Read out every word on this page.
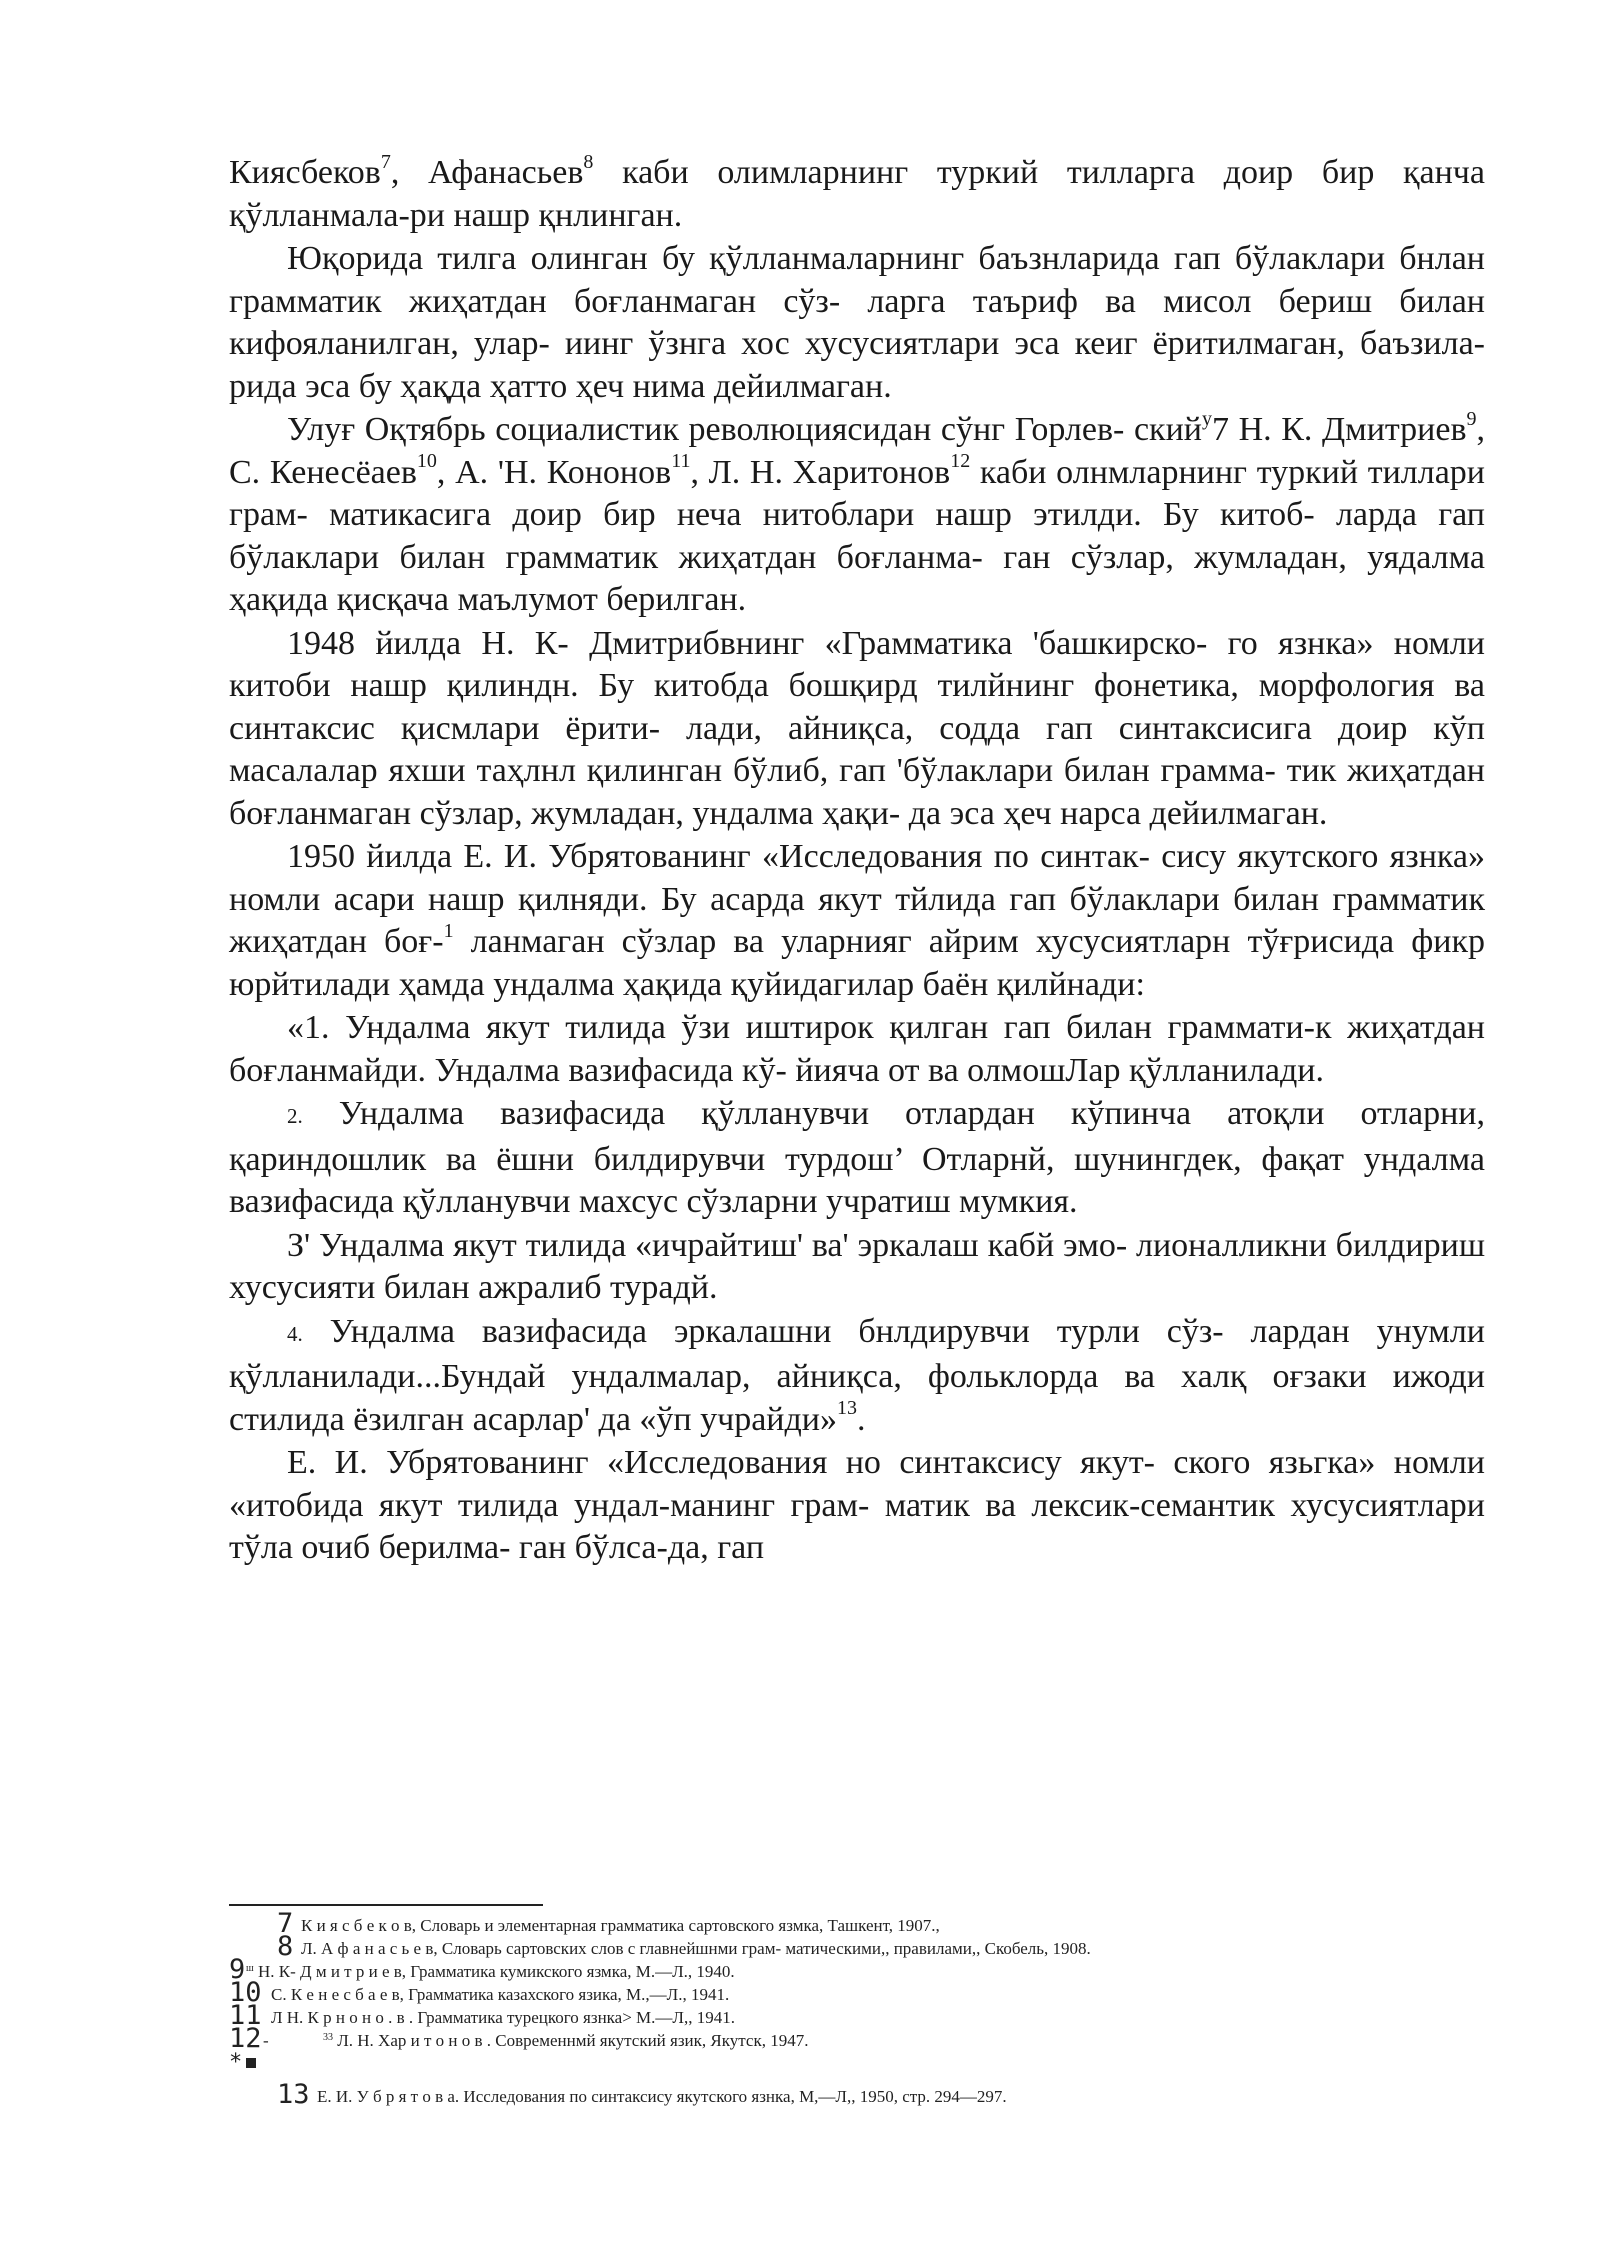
Киясбеков$^7$, Афанасьев$^8$ каби олимларнинг туркий тилларга доир бир қанча қўлланмала-ри нашр қнлинган.

Юқорида тилга олинган бу қўлланмаларнинг баъзнларида гап бўлаклари бнлан грамматик жиҳатдан боғланмаган сўз- ларга таъриф ва мисол бериш билан кифояланилган, улар- иинг ўзнга хос хусусиятлари эса кеиг ёритилмаган, баъзила- рида эса бу ҳақда ҳатто ҳеч нима дейилмаган.

Улуғ Оқтябрь социалистик революциясидан сўнг Горлев- ский$^у$7 Н. К. Дмитриев$^9$, С. Кенесёаев$^{10}$, А. 'Н. Кононов$^{11}$, Л. Н. Харитонов$^{12}$ каби олнмларнинг туркий тиллари грам- матикасига доир бир неча нитоблари нашр этилди. Бу китоб- ларда гап бўлаклари билан грамматик жиҳатдан боғланма- ган сўзлар, жумладан, уядалма ҳақида қисқача маълумот берилган.

1948 йилда Н. К- Дмитрибвнинг «Грамматика 'башкирско- го язнка» номли китоби нашр қилиндн. Бу китобда бошқирд тилйнинг фонетика, морфология ва синтаксис қисмлари ёрити- лади, айниқса, содда гап синтаксисига доир кўп масалалар яхши таҳлнл қилинган бўлиб, гап 'бўлаклари билан грамма- тик жиҳатдан боғланмаган сўзлар, жумладан, ундалма ҳақи- да эса ҳеч нарса дейилмаган.

1950 йилда Е. И. Убрятованинг «Исследования по синтак- сису якутского язнка» номли асари нашр қилняди. Бу асарда якут тйлида гап бўлаклари билан грамматик жиҳатдан боғ-$^1$ ланмаган сўзлар ва уларнияг айрим хусусиятларн тўғрисида фикр юрйтилади ҳамда ундалма ҳақида қуйидагилар баён қилйнади:

«1. Ундалма якут тилида ўзи иштирок қилган гап билан граммати-к жиҳатдан боғланмайди. Ундалма вазифасида кў- йияча от ва олмошЛар қўлланилади.

2. Ундалма вазифасида қўлланувчи отлардан кўпинча атоқли отларни, қариндошлик ва ёшни билдирувчи турдош’ Отларнй, шунингдек, фақат ундалма вазифасида қўлланувчи махсус сўзларни учратиш мумкия.

З' Ундалма якут тилида «ичрайтиш' ва' эркалаш кабй эмо- лионалликни билдириш хусусияти билан ажралиб турадй.

4. Ундалма вазифасида эркалашни бнлдирувчи турли сўз- лардан унумли қўлланилади...Бундай ундалмалар, айниқса, фольклорда ва халқ оғзаки ижоди стилида ёзилган асарлар' да «ўп учрайди»$^{13}$.

Е. И. Убрятованинг «Исследования но синтаксису якут- ского язьгка» номли «итобида якут тилида ундал-манинг грам- матик ва лексик-семантик хусусиятлари тўла очиб берилма- ган бўлса-да, гап

7 К и я с б е к о в, Словарь и элементарная грамматика сартовского язмка, Ташкент, 1907.,
8 Л. А ф а н а с ь е в, Словарь сартовских слов с главнейшнми грам- матическими,, правилами,, Скобель, 1908.
9 $^ш$ Н. К- Д м и т р и е в, Грамматика кумикского язмка, М.—Л., 1940.
10 С. К е н е с б а е в, Грамматика казахского язика, М.,—Л., 1941.
11 Л Н. К р н о н о . в . Грамматика турецкого язнка> М.—Л,, 1941.
12 -	$^{33}$ Л. Н. Хар и т о н о в . Современнмй якутский язик, Якутск, 1947.
*
13 Е. И. У б р я т о в а. Исследования по синтаксису якутского язнка, М,—Л,, 1950, стр. 294—297.
